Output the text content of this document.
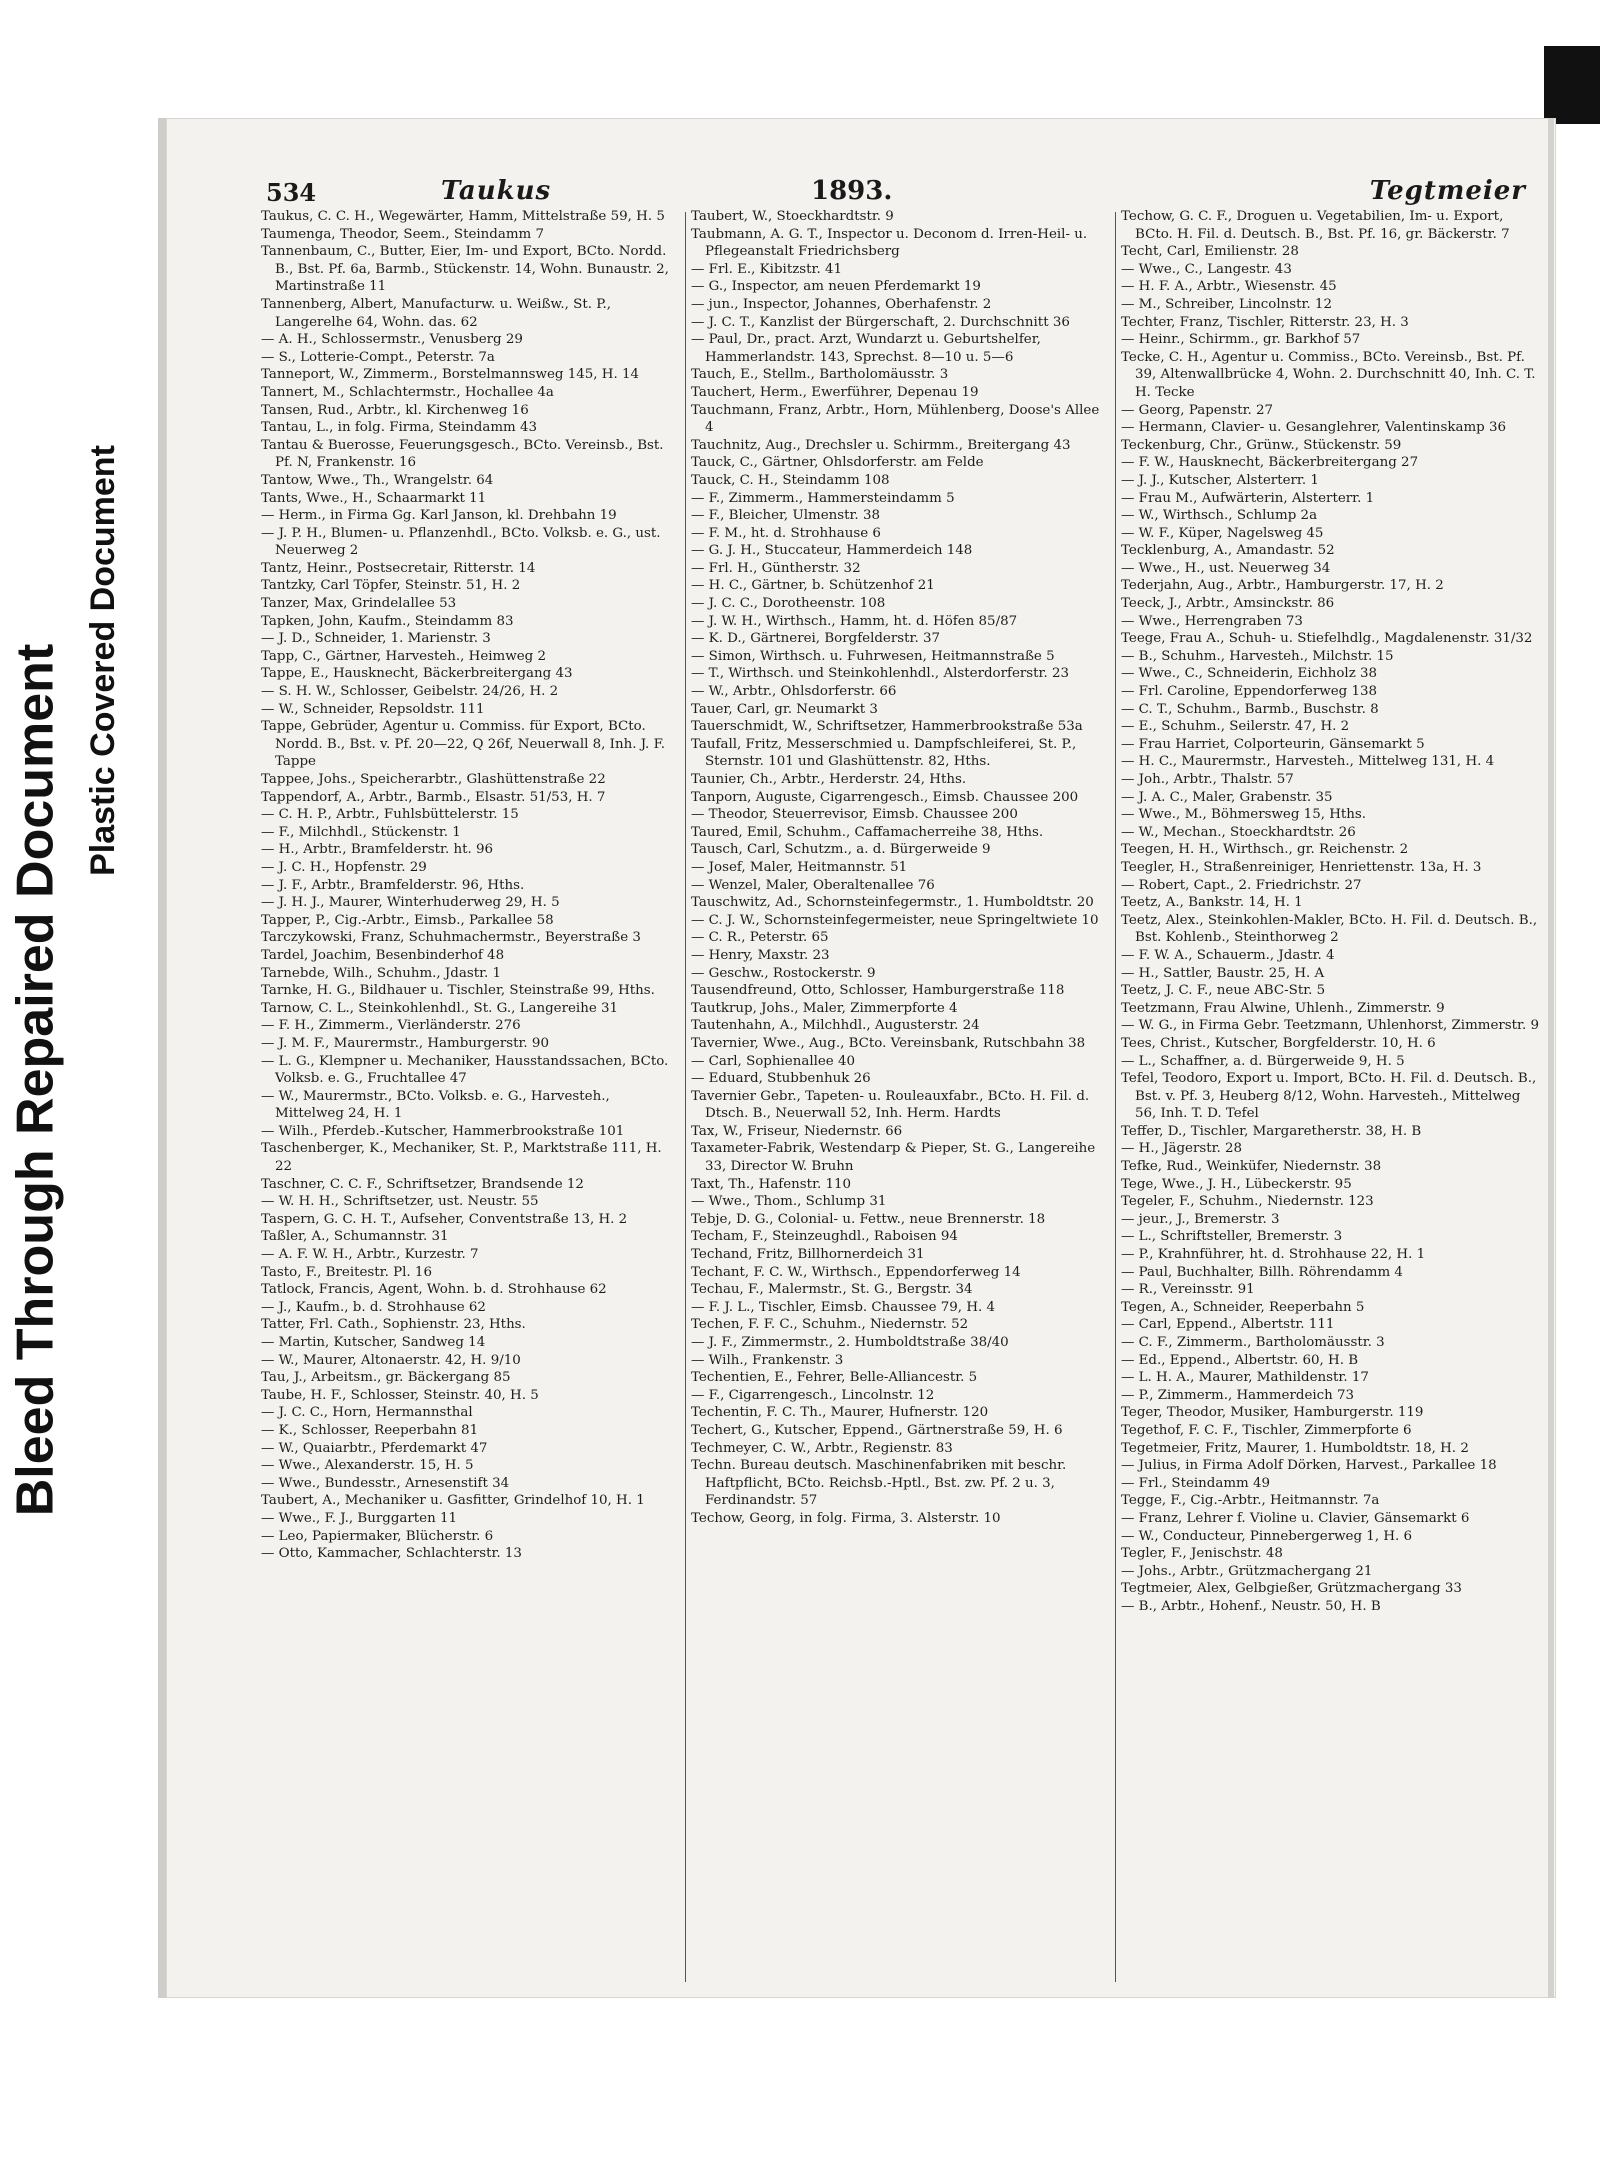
Bleed Through Repaired Document Plastic Covered Document
534	Taukus	1893.	Tegtmeier

Taukus, C. C. H., Wegewärter, Hamm, Mittelstraße 59, H. 5

Taumenga, Theodor, Seem., Steindamm 7

Tannenbaum, C., Butter, Eier, Im- und Export, BCto. Nordd. B., Bst. Pf. 6a, Barmb., Stückenstr. 14, Wohn. Bunaustr. 2, Martinstraße 11

Tannenberg, Albert, Manufacturw. u. Weißw., St. P., Langerelhe 64, Wohn. das. 62

— A. H., Schlossermstr., Venusberg 29

— S., Lotterie-Compt., Peterstr. 7a

Tanneport, W., Zimmerm., Borstelmannsweg 145, H. 14

Tannert, M., Schlachtermstr., Hochallee 4a

Tansen, Rud., Arbtr., kl. Kirchenweg 16

Tantau, L., in folg. Firma, Steindamm 43

Tantau & Buerosse, Feuerungsgesch., BCto. Vereinsb., Bst. Pf. N, Frankenstr. 16

Tantow, Wwe., Th., Wrangelstr. 64

Tants, Wwe., H., Schaarmarkt 11

— Herm., in Firma Gg. Karl Janson, kl. Drehbahn 19

— J. P. H., Blumen- u. Pflanzenhdl., BCto. Volksb. e. G., ust. Neuerweg 2

Tantz, Heinr., Postsecretair, Ritterstr. 14

Tantzky, Carl Töpfer, Steinstr. 51, H. 2

Tanzer, Max, Grindelallee 53

Tapken, John, Kaufm., Steindamm 83

— J. D., Schneider, 1. Marienstr. 3

Tapp, C., Gärtner, Harvesteh., Heimweg 2

Tappe, E., Hausknecht, Bäckerbreitergang 43

— S. H. W., Schlosser, Geibelstr. 24/26, H. 2

— W., Schneider, Repsoldstr. 111

Tappe, Gebrüder, Agentur u. Commiss. für Export, BCto. Nordd. B., Bst. v. Pf. 20—22, Q 26f, Neuerwall 8, Inh. J. F. Tappe

Tappee, Johs., Speicherarbtr., Glashüttenstraße 22

Tappendorf, A., Arbtr., Barmb., Elsastr. 51/53, H. 7

— C. H. P., Arbtr., Fuhlsbüttelerstr. 15

— F., Milchhdl., Stückenstr. 1

— H., Arbtr., Bramfelderstr. ht. 96

— J. C. H., Hopfenstr. 29

— J. F., Arbtr., Bramfelderstr. 96, Hths.

— J. H. J., Maurer, Winterhuderweg 29, H. 5

Tapper, P., Cig.-Arbtr., Eimsb., Parkallee 58

Tarczykowski, Franz, Schuhmachermstr., Beyerstraße 3

Tardel, Joachim, Besenbinderhof 48

Tarnebde, Wilh., Schuhm., Jdastr. 1

Tarnke, H. G., Bildhauer u. Tischler, Steinstraße 99, Hths.

Tarnow, C. L., Steinkohlenhdl., St. G., Langereihe 31

— F. H., Zimmerm., Vierländerstr. 276

— J. M. F., Maurermstr., Hamburgerstr. 90

— L. G., Klempner u. Mechaniker, Hausstandssachen, BCto. Volksb. e. G., Fruchtallee 47

— W., Maurermstr., BCto. Volksb. e. G., Harvesteh., Mittelweg 24, H. 1

— Wilh., Pferdeb.-Kutscher, Hammerbrookstraße 101

Taschenberger, K., Mechaniker, St. P., Marktstraße 111, H. 22

Taschner, C. C. F., Schriftsetzer, Brandsende 12

— W. H. H., Schriftsetzer, ust. Neustr. 55

Taspern, G. C. H. T., Aufseher, Conventstraße 13, H. 2

Taßler, A., Schumannstr. 31

— A. F. W. H., Arbtr., Kurzestr. 7

Tasto, F., Breitestr. Pl. 16

Tatlock, Francis, Agent, Wohn. b. d. Strohhause 62

— J., Kaufm., b. d. Strohhause 62

Tatter, Frl. Cath., Sophienstr. 23, Hths.

— Martin, Kutscher, Sandweg 14

— W., Maurer, Altonaerstr. 42, H. 9/10

Tau, J., Arbeitsm., gr. Bäckergang 85

Taube, H. F., Schlosser, Steinstr. 40, H. 5

— J. C. C., Horn, Hermannsthal

— K., Schlosser, Reeperbahn 81

— W., Quaiarbtr., Pferdemarkt 47

— Wwe., Alexanderstr. 15, H. 5

— Wwe., Bundesstr., Arnesenstift 34

Taubert, A., Mechaniker u. Gasfitter, Grindelhof 10, H. 1

— Wwe., F. J., Burggarten 11

— Leo, Papiermaker, Blücherstr. 6

— Otto, Kammacher, Schlachterstr. 13

Taubert, W., Stoeckhardtstr. 9

Taubmann, A. G. T., Inspector u. Deconom d. Irren-Heil- u. Pflegeanstalt Friedrichsberg

— Frl. E., Kibitzstr. 41

— G., Inspector, am neuen Pferdemarkt 19

— jun., Inspector, Johannes, Oberhafenstr. 2

— J. C. T., Kanzlist der Bürgerschaft, 2. Durchschnitt 36

— Paul, Dr., pract. Arzt, Wundarzt u. Geburtshelfer, Hammerlandstr. 143, Sprechst. 8—10 u. 5—6

Tauch, E., Stellm., Bartholomäusstr. 3

Tauchert, Herm., Ewerführer, Depenau 19

Tauchmann, Franz, Arbtr., Horn, Mühlenberg, Doose's Allee 4

Tauchnitz, Aug., Drechsler u. Schirmm., Breitergang 43

Tauck, C., Gärtner, Ohlsdorferstr. am Felde

Tauck, C. H., Steindamm 108

— F., Zimmerm., Hammersteindamm 5

— F., Bleicher, Ulmenstr. 38

— F. M., ht. d. Strohhause 6

— G. J. H., Stuccateur, Hammerdeich 148

— Frl. H., Güntherstr. 32

— H. C., Gärtner, b. Schützenhof 21

— J. C. C., Dorotheenstr. 108

— J. W. H., Wirthsch., Hamm, ht. d. Höfen 85/87

— K. D., Gärtnerei, Borgfelderstr. 37

— Simon, Wirthsch. u. Fuhrwesen, Heitmannstraße 5

— T., Wirthsch. und Steinkohlenhdl., Alsterdorferstr. 23

— W., Arbtr., Ohlsdorferstr. 66

Tauer, Carl, gr. Neumarkt 3

Tauerschmidt, W., Schriftsetzer, Hammerbrookstraße 53a

Taufall, Fritz, Messerschmied u. Dampfschleiferei, St. P., Sternstr. 101 und Glashüttenstr. 82, Hths.

Taunier, Ch., Arbtr., Herderstr. 24, Hths.

Tanporn, Auguste, Cigarrengesch., Eimsb. Chaussee 200

— Theodor, Steuerrevisor, Eimsb. Chaussee 200

Taured, Emil, Schuhm., Caffamacherreihe 38, Hths.

Tausch, Carl, Schutzm., a. d. Bürgerweide 9

— Josef, Maler, Heitmannstr. 51

— Wenzel, Maler, Oberaltenallee 76

Tauschwitz, Ad., Schornsteinfegermstr., 1. Humboldtstr. 20

— C. J. W., Schornsteinfegermeister, neue Springeltwiete 10

— C. R., Peterstr. 65

— Henry, Maxstr. 23

— Geschw., Rostockerstr. 9

Tausendfreund, Otto, Schlosser, Hamburgerstraße 118

Tautkrup, Johs., Maler, Zimmerpforte 4

Tautenhahn, A., Milchhdl., Augusterstr. 24

Tavernier, Wwe., Aug., BCto. Vereinsbank, Rutschbahn 38

— Carl, Sophienallee 40

— Eduard, Stubbenhuk 26

Tavernier Gebr., Tapeten- u. Rouleauxfabr., BCto. H. Fil. d. Dtsch. B., Neuerwall 52, Inh. Herm. Hardts

Tax, W., Friseur, Niedernstr. 66

Taxameter-Fabrik, Westendarp & Pieper, St. G., Langereihe 33, Director W. Bruhn

Taxt, Th., Hafenstr. 110

— Wwe., Thom., Schlump 31

Tebje, D. G., Colonial- u. Fettw., neue Brennerstr. 18

Techam, F., Steinzeughdl., Raboisen 94

Techand, Fritz, Billhornerdeich 31

Techant, F. C. W., Wirthsch., Eppendorferweg 14

Techau, F., Malermstr., St. G., Bergstr. 34

— F. J. L., Tischler, Eimsb. Chaussee 79, H. 4

Techen, F. F. C., Schuhm., Niedernstr. 52

— J. F., Zimmermstr., 2. Humboldtstraße 38/40

— Wilh., Frankenstr. 3

Techentien, E., Fehrer, Belle-Alliancestr. 5

— F., Cigarrengesch., Lincolnstr. 12

Techentin, F. C. Th., Maurer, Hufnerstr. 120

Techert, G., Kutscher, Eppend., Gärtnerstraße 59, H. 6

Techmeyer, C. W., Arbtr., Regienstr. 83

Techn. Bureau deutsch. Maschinenfabriken mit beschr. Haftpflicht, BCto. Reichsb.-Hptl., Bst. zw. Pf. 2 u. 3, Ferdinandstr. 57

Techow, Georg, in folg. Firma, 3. Alsterstr. 10

Techow, G. C. F., Droguen u. Vegetabilien, Im- u. Export, BCto. H. Fil. d. Deutsch. B., Bst. Pf. 16, gr. Bäckerstr. 7

Techt, Carl, Emilienstr. 28

— Wwe., C., Langestr. 43

— H. F. A., Arbtr., Wiesenstr. 45

— M., Schreiber, Lincolnstr. 12

Techter, Franz, Tischler, Ritterstr. 23, H. 3

— Heinr., Schirmm., gr. Barkhof 57

Tecke, C. H., Agentur u. Commiss., BCto. Vereinsb., Bst. Pf. 39, Altenwallbrücke 4, Wohn. 2. Durchschnitt 40, Inh. C. T. H. Tecke

— Georg, Papenstr. 27

— Hermann, Clavier- u. Gesanglehrer, Valentinskamp 36

Teckenburg, Chr., Grünw., Stückenstr. 59

— F. W., Hausknecht, Bäckerbreitergang 27

— J. J., Kutscher, Alsterterr. 1

— Frau M., Aufwärterin, Alsterterr. 1

— W., Wirthsch., Schlump 2a

— W. F., Küper, Nagelsweg 45

Tecklenburg, A., Amandastr. 52

— Wwe., H., ust. Neuerweg 34

Tederjahn, Aug., Arbtr., Hamburgerstr. 17, H. 2

Teeck, J., Arbtr., Amsinckstr. 86

— Wwe., Herrengraben 73

Teege, Frau A., Schuh- u. Stiefelhdlg., Magdalenenstr. 31/32

— B., Schuhm., Harvesteh., Milchstr. 15

— Wwe., C., Schneiderin, Eichholz 38

— Frl. Caroline, Eppendorferweg 138

— C. T., Schuhm., Barmb., Buschstr. 8

— E., Schuhm., Seilerstr. 47, H. 2

— Frau Harriet, Colporteurin, Gänsemarkt 5

— H. C., Maurermstr., Harvesteh., Mittelweg 131, H. 4

— Joh., Arbtr., Thalstr. 57

— J. A. C., Maler, Grabenstr. 35

— Wwe., M., Böhmersweg 15, Hths.

— W., Mechan., Stoeckhardtstr. 26

Teegen, H. H., Wirthsch., gr. Reichenstr. 2

Teegler, H., Straßenreiniger, Henriettenstr. 13a, H. 3

— Robert, Capt., 2. Friedrichstr. 27

Teetz, A., Bankstr. 14, H. 1

Teetz, Alex., Steinkohlen-Makler, BCto. H. Fil. d. Deutsch. B., Bst. Kohlenb., Steinthorweg 2

— F. W. A., Schauerm., Jdastr. 4

— H., Sattler, Baustr. 25, H. A

Teetz, J. C. F., neue ABC-Str. 5

Teetzmann, Frau Alwine, Uhlenh., Zimmerstr. 9

— W. G., in Firma Gebr. Teetzmann, Uhlenhorst, Zimmerstr. 9

Tees, Christ., Kutscher, Borgfelderstr. 10, H. 6

— L., Schaffner, a. d. Bürgerweide 9, H. 5

Tefel, Teodoro, Export u. Import, BCto. H. Fil. d. Deutsch. B., Bst. v. Pf. 3, Heuberg 8/12, Wohn. Harvesteh., Mittelweg 56, Inh. T. D. Tefel

Teffer, D., Tischler, Margaretherstr. 38, H. B

— H., Jägerstr. 28

Tefke, Rud., Weinküfer, Niedernstr. 38

Tege, Wwe., J. H., Lübeckerstr. 95

Tegeler, F., Schuhm., Niedernstr. 123

— jeur., J., Bremerstr. 3

— L., Schriftsteller, Bremerstr. 3

— P., Krahnführer, ht. d. Strohhause 22, H. 1

— Paul, Buchhalter, Billh. Röhrendamm 4

— R., Vereinsstr. 91

Tegen, A., Schneider, Reeperbahn 5

— Carl, Eppend., Albertstr. 111

— C. F., Zimmerm., Bartholomäusstr. 3

— Ed., Eppend., Albertstr. 60, H. B

— L. H. A., Maurer, Mathildenstr. 17

— P., Zimmerm., Hammerdeich 73

Teger, Theodor, Musiker, Hamburgerstr. 119

Tegethof, F. C. F., Tischler, Zimmerpforte 6

Tegetmeier, Fritz, Maurer, 1. Humboldtstr. 18, H. 2

— Julius, in Firma Adolf Dörken, Harvest., Parkallee 18

— Frl., Steindamm 49

Tegge, F., Cig.-Arbtr., Heitmannstr. 7a

— Franz, Lehrer f. Violine u. Clavier, Gänsemarkt 6

— W., Conducteur, Pinnebergerweg 1, H. 6

Tegler, F., Jenischstr. 48

— Johs., Arbtr., Grützmachergang 21

Tegtmeier, Alex, Gelbgießer, Grützmachergang 33

— B., Arbtr., Hohenf., Neustr. 50, H. B
